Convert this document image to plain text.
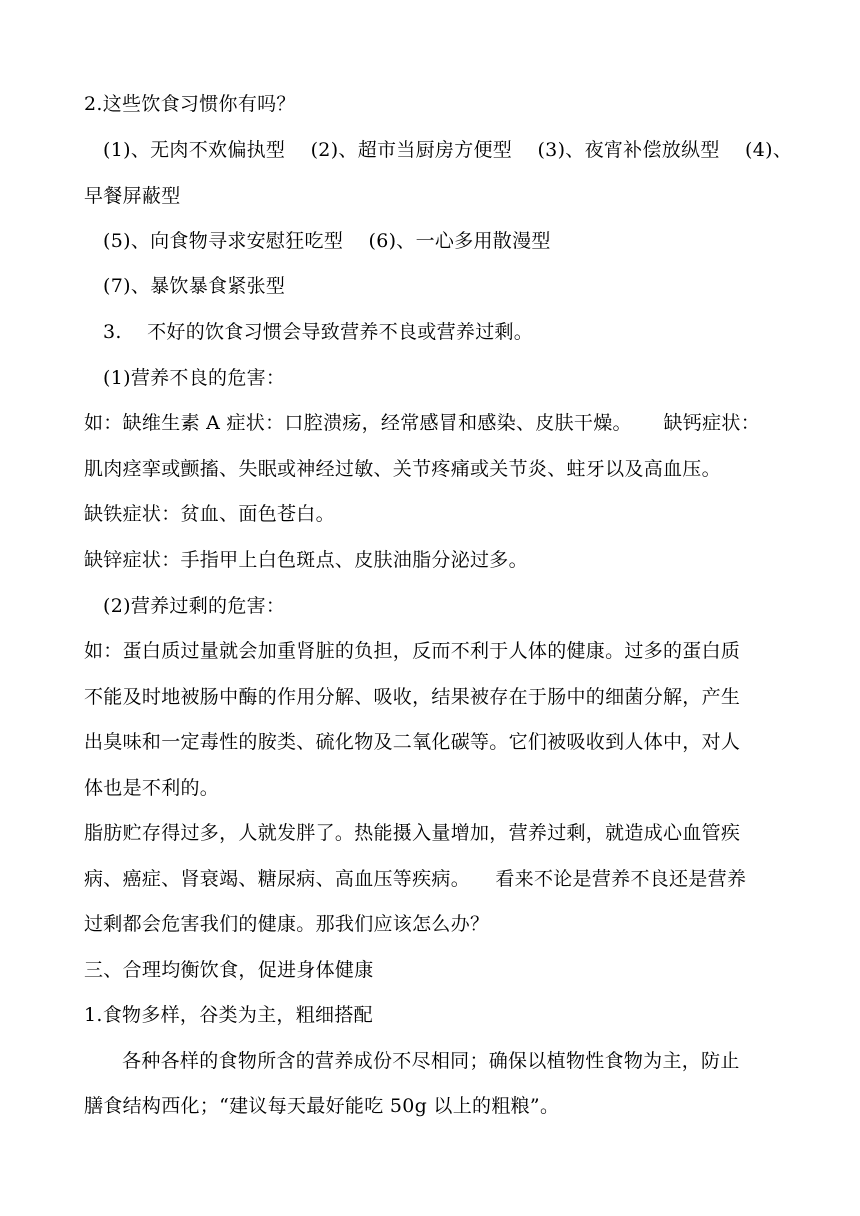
2.这些饮食习惯你有吗？
(1)、无肉不欢偏执型    (2)、超市当厨房方便型    (3)、夜宵补偿放纵型    (4)、
早餐屏蔽型
(5)、向食物寻求安慰狂吃型    (6)、一心多用散漫型
(7)、暴饮暴食紧张型
3.    不好的饮食习惯会导致营养不良或营养过剩。
(1)营养不良的危害：
如：缺维生素 A 症状：口腔溃疡，经常感冒和感染、皮肤干燥。     缺钙症状：
肌肉痉挛或颤搐、失眠或神经过敏、关节疼痛或关节炎、蛀牙以及高血压。
缺铁症状：贫血、面色苍白。
缺锌症状：手指甲上白色斑点、皮肤油脂分泌过多。
(2)营养过剩的危害：
如：蛋白质过量就会加重肾脏的负担，反而不利于人体的健康。过多的蛋白质
不能及时地被肠中酶的作用分解、吸收，结果被存在于肠中的细菌分解，产生
出臭味和一定毒性的胺类、硫化物及二氧化碳等。它们被吸收到人体中，对人
体也是不利的。
脂肪贮存得过多，人就发胖了。热能摄入量增加，营养过剩，就造成心血管疾
病、癌症、肾衰竭、糖尿病、高血压等疾病。    看来不论是营养不良还是营养
过剩都会危害我们的健康。那我们应该怎么办？
三、合理均衡饮食，促进身体健康
1.食物多样，谷类为主，粗细搭配
各种各样的食物所含的营养成份不尽相同；确保以植物性食物为主，防止
膳食结构西化；“建议每天最好能吃 50g 以上的粗粮”。
